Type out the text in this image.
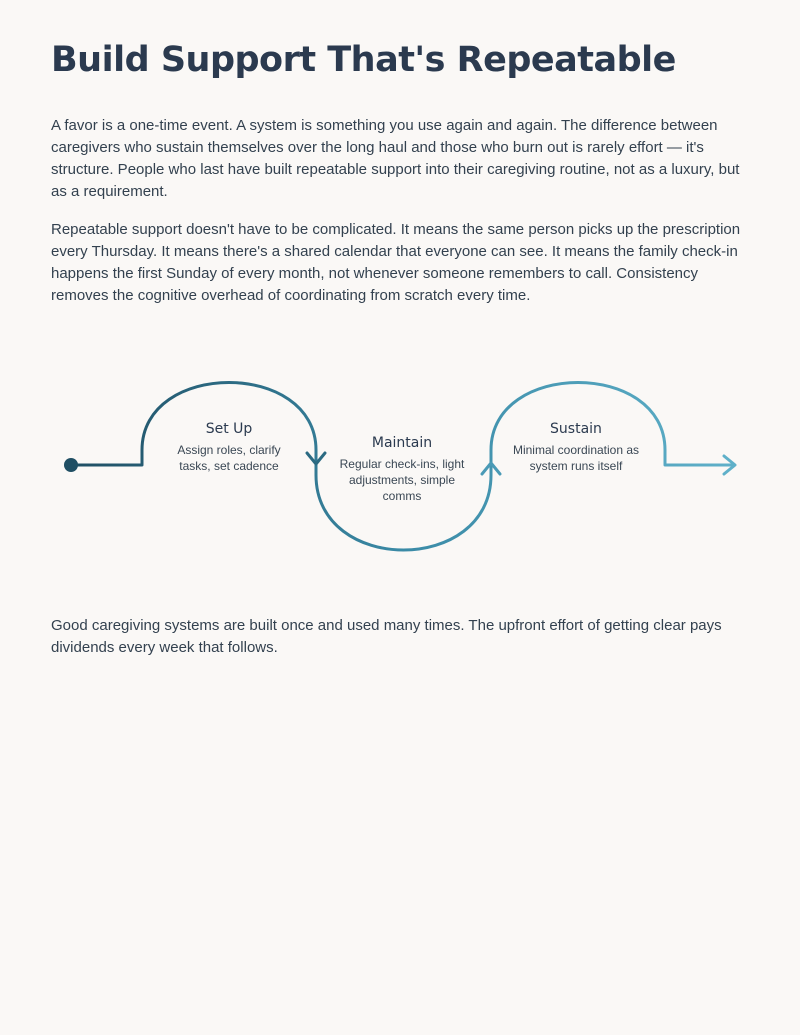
Build Support That's Repeatable

A favor is a one-time event. A system is something you use again and again. The difference between caregivers who sustain themselves over the long haul and those who burn out is rarely effort — it's structure. People who last have built repeatable support into their caregiving routine, not as a luxury, but as a requirement.

Repeatable support doesn't have to be complicated. It means the same person picks up the prescription every Thursday. It means there's a shared calendar that everyone can see. It means the family check-in happens the first Sunday of every month, not whenever someone remembers to call. Consistency removes the cognitive overhead of coordinating from scratch every time.

Good caregiving systems are built once and used many times. The upfront effort of getting clear pays dividends every week that follows.

Set Up
Assign roles, clarify tasks, set cadence
Maintain
Regular check-ins, light adjustments, simple comms
Sustain
Minimal coordination as system runs itself
